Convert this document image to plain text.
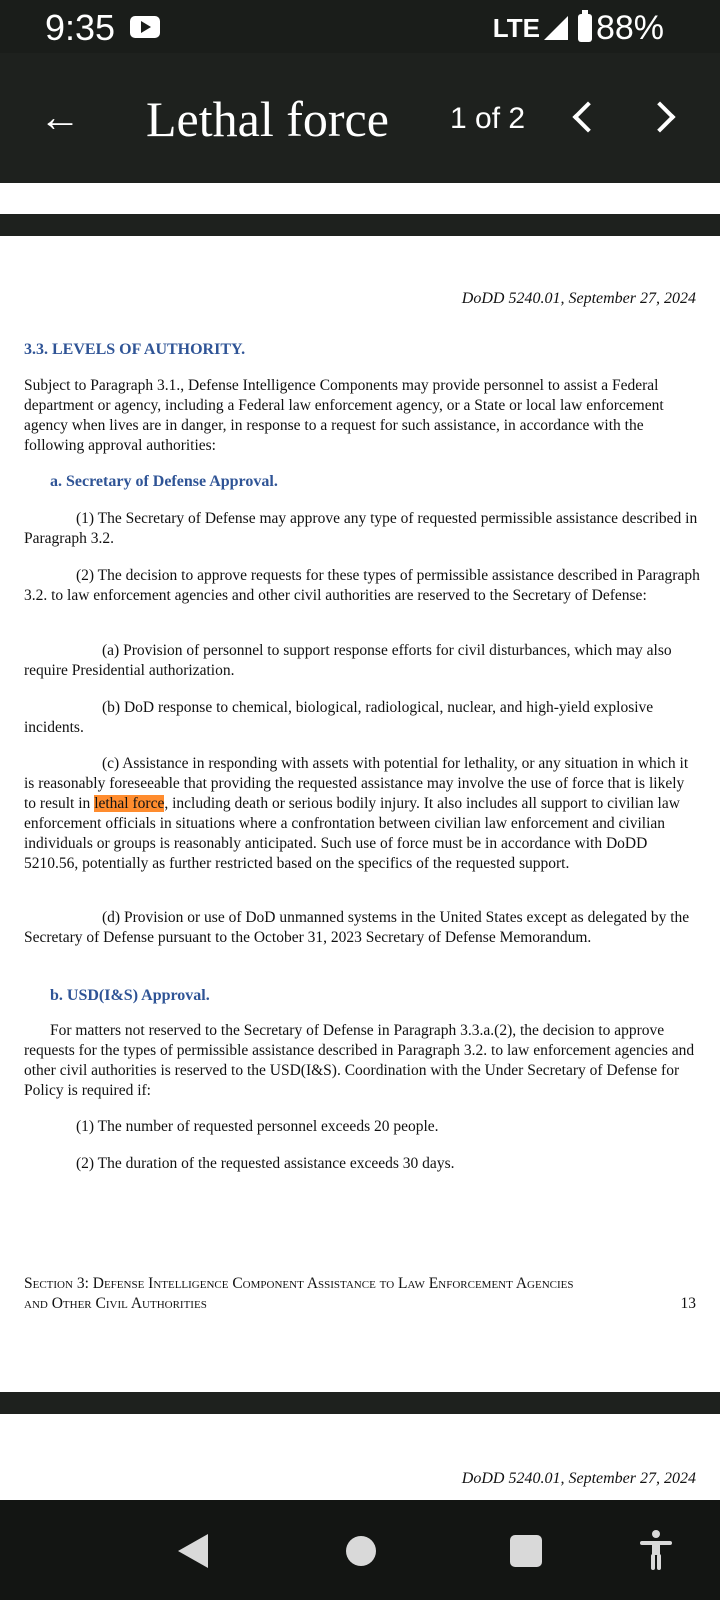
9:35	LTE 88%
← Lethal force 1 of 2
DoDD 5240.01, September 27, 2024

3.3. LEVELS OF AUTHORITY.

Subject to Paragraph 3.1., Defense Intelligence Components may provide personnel to assist a Federal department or agency, including a Federal law enforcement agency, or a State or local law enforcement agency when lives are in danger, in response to a request for such assistance, in accordance with the following approval authorities:

a. Secretary of Defense Approval.

(1) The Secretary of Defense may approve any type of requested permissible assistance described in Paragraph 3.2.

(2) The decision to approve requests for these types of permissible assistance described in Paragraph 3.2. to law enforcement agencies and other civil authorities are reserved to the Secretary of Defense:

(a) Provision of personnel to support response efforts for civil disturbances, which may also require Presidential authorization.

(b) DoD response to chemical, biological, radiological, nuclear, and high-yield explosive incidents.

(c) Assistance in responding with assets with potential for lethality, or any situation in which it is reasonably foreseeable that providing the requested assistance may involve the use of force that is likely to result in lethal force, including death or serious bodily injury. It also includes all support to civilian law enforcement officials in situations where a confrontation between civilian law enforcement and civilian individuals or groups is reasonably anticipated. Such use of force must be in accordance with DoDD 5210.56, potentially as further restricted based on the specifics of the requested support.

(d) Provision or use of DoD unmanned systems in the United States except as delegated by the Secretary of Defense pursuant to the October 31, 2023 Secretary of Defense Memorandum.

b. USD(I&S) Approval.

For matters not reserved to the Secretary of Defense in Paragraph 3.3.a.(2), the decision to approve requests for the types of permissible assistance described in Paragraph 3.2. to law enforcement agencies and other civil authorities is reserved to the USD(I&S). Coordination with the Under Secretary of Defense for Policy is required if:

(1) The number of requested personnel exceeds 20 people.

(2) The duration of the requested assistance exceeds 30 days.

Section 3: Defense Intelligence Component Assistance to Law Enforcement Agencies
and Other Civil Authorities	13
DoDD 5240.01, September 27, 2024
